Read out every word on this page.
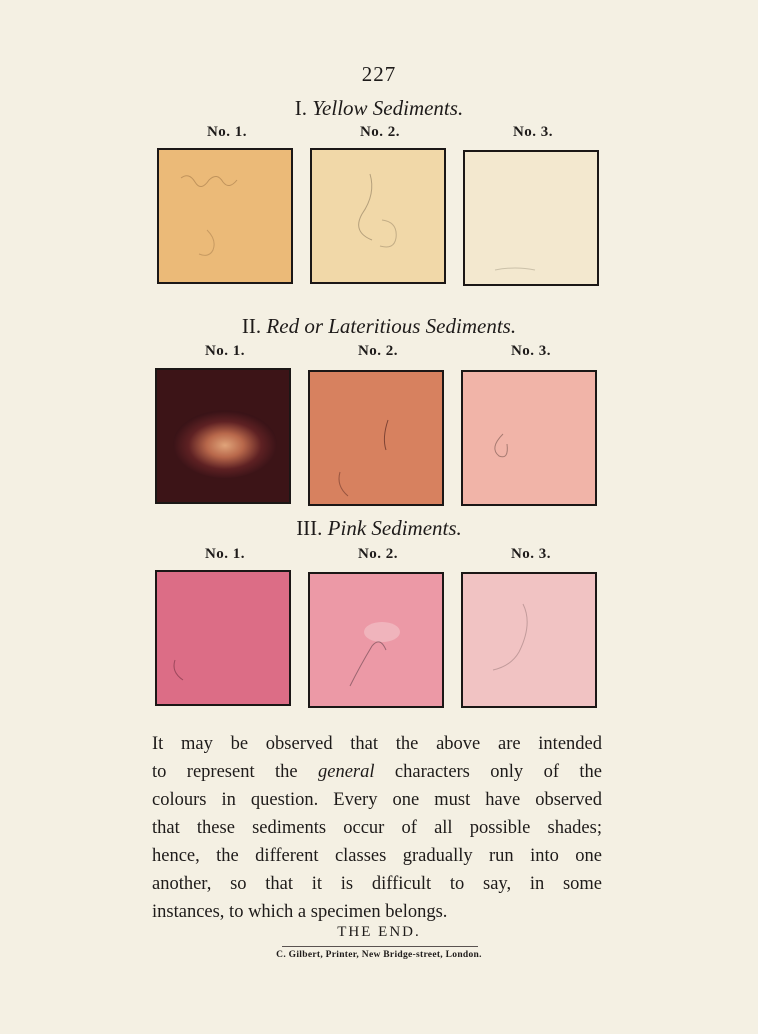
227
I. Yellow Sediments.
No. 1.	No. 2.	No. 3.
II. Red or Lateritious Sediments.
No. 1.	No. 2.	No. 3.
III. Pink Sediments.
No. 1.	No. 2.	No. 3.
It may be observed that the above are intended
to represent the general characters only of the
colours in question. Every one must have observed
that these sediments occur of all possible shades;
hence, the different classes gradually run into one
another, so that it is difficult to say, in some
instances, to which a specimen belongs.
THE END.
C. Gilbert, Printer, New Bridge-street, London.
